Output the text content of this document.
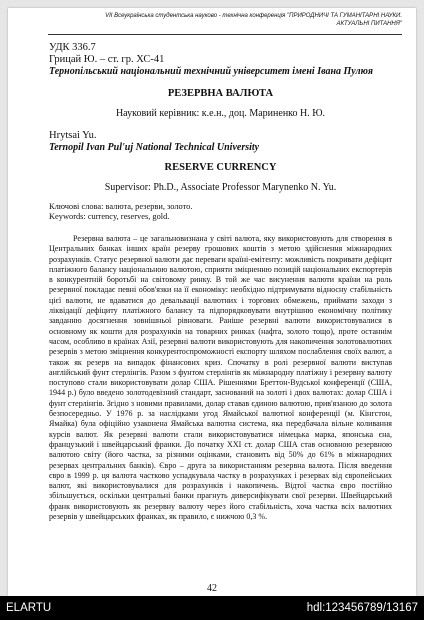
VII Всеукраїнська студентська науково - технічна конференція "ПРИРОДНИЧІ ТА ГУМАНІТАРНІ НАУКИ.
АКТУАЛЬНІ ПИТАННЯ"
УДК 336.7
Грицай Ю. – ст. гр. ХС-41
Тернопільський національний технічний університет імені Івана Пулюя
РЕЗЕРВНА ВАЛЮТА
Науковий керівник: к.е.н., доц. Мариненко Н. Ю.
Hrytsai Yu.
Ternopil Ivan Pul'uj National Technical University
RESERVE CURRENCY
Supervisor: Ph.D., Associate Professor Marynenko N. Yu.
Ключові слова: валюта, резерви, золото.
Keywords: currency, reserves, gold.

Резервна валюта – це загальновизнана у світі валюта, яку використовують для створення в Центральних банках інших країн резерву грошових коштів з метою здійснення міжнародних розрахунків. Статус резервної валюти дає переваги країні-емітенту: можливість покривати дефіцит платіжного балансу національною валютою, сприяти зміцненню позицій національних експортерів в конкурентній боротьбі на світовому ринку. В той же час висунення валюти країни на роль резервної покладає певні обов'язки на її економіку: необхідно підтримувати відносну стабільність цієї валюти, не вдаватися до девальвації валютних і торгових обмежень, приймати заходи з ліквідації дефіциту платіжного балансу та підпорядковувати внутрішню економічну політику завданню досягнення зовнішньої рівноваги. Раніше резервні валюти використовувалися в основному як кошти для розрахунків на товарних ринках (нафта, золото тощо), проте останнім часом, особливо в країнах Азії, резервні валюти використовують для накопичення золотовалютних резервів з метою зміцнення конкурентоспроможності експорту шляхом послаблення своїх валют, а також як резерв на випадок фінансових криз. Спочатку в ролі резервної валюти виступав англійський фунт стерлінгів. Разом з фунтом стерлінгів як міжнародну платіжну і резервну валюту поступово стали використовувати долар США. Рішеннями Бреттон-Вудської конференції (США, 1944 р.) було введено золотодевізний стандарт, заснований на золоті і двох валютах: долар США і фунт стерлінгів. Згідно з новими правилами, долар ставав єдиною валютою, прив'язаною до золота безпосередньо. У 1976 р. за наслідками угод Ямайської валютної конференції (м. Кінгстон, Ямайка) була офіційно узаконена Ямайська валютна система, яка передбачала вільне коливання курсів валют. Як резервні валюти стали використовуватися німецька марка, японська єна, французький і швейцарський франки. До початку XXI ст. долар США став основною резервною валютою світу (його частка, за різними оцінками, становить від 50% до 61% в міжнародних резервах центральних банків). Євро – друга за використанням резервна валюта. Після введення євро в 1999 р. ця валюта частково успадкувала частку в розрахунках і резервах від європейських валют, які використовувалися для розрахунків і накопичень. Відтої частка євро постійно збільшується, оскільки центральні банки прагнуть диверсифікувати свої резерви. Швейцарський франк використовують як резервну валюту через його стабільність, хоча частка всіх валютних резервів у швейцарських франках, як правило, є нижчою 0,3 %.

42
ELARTU	hdl:123456789/13167
